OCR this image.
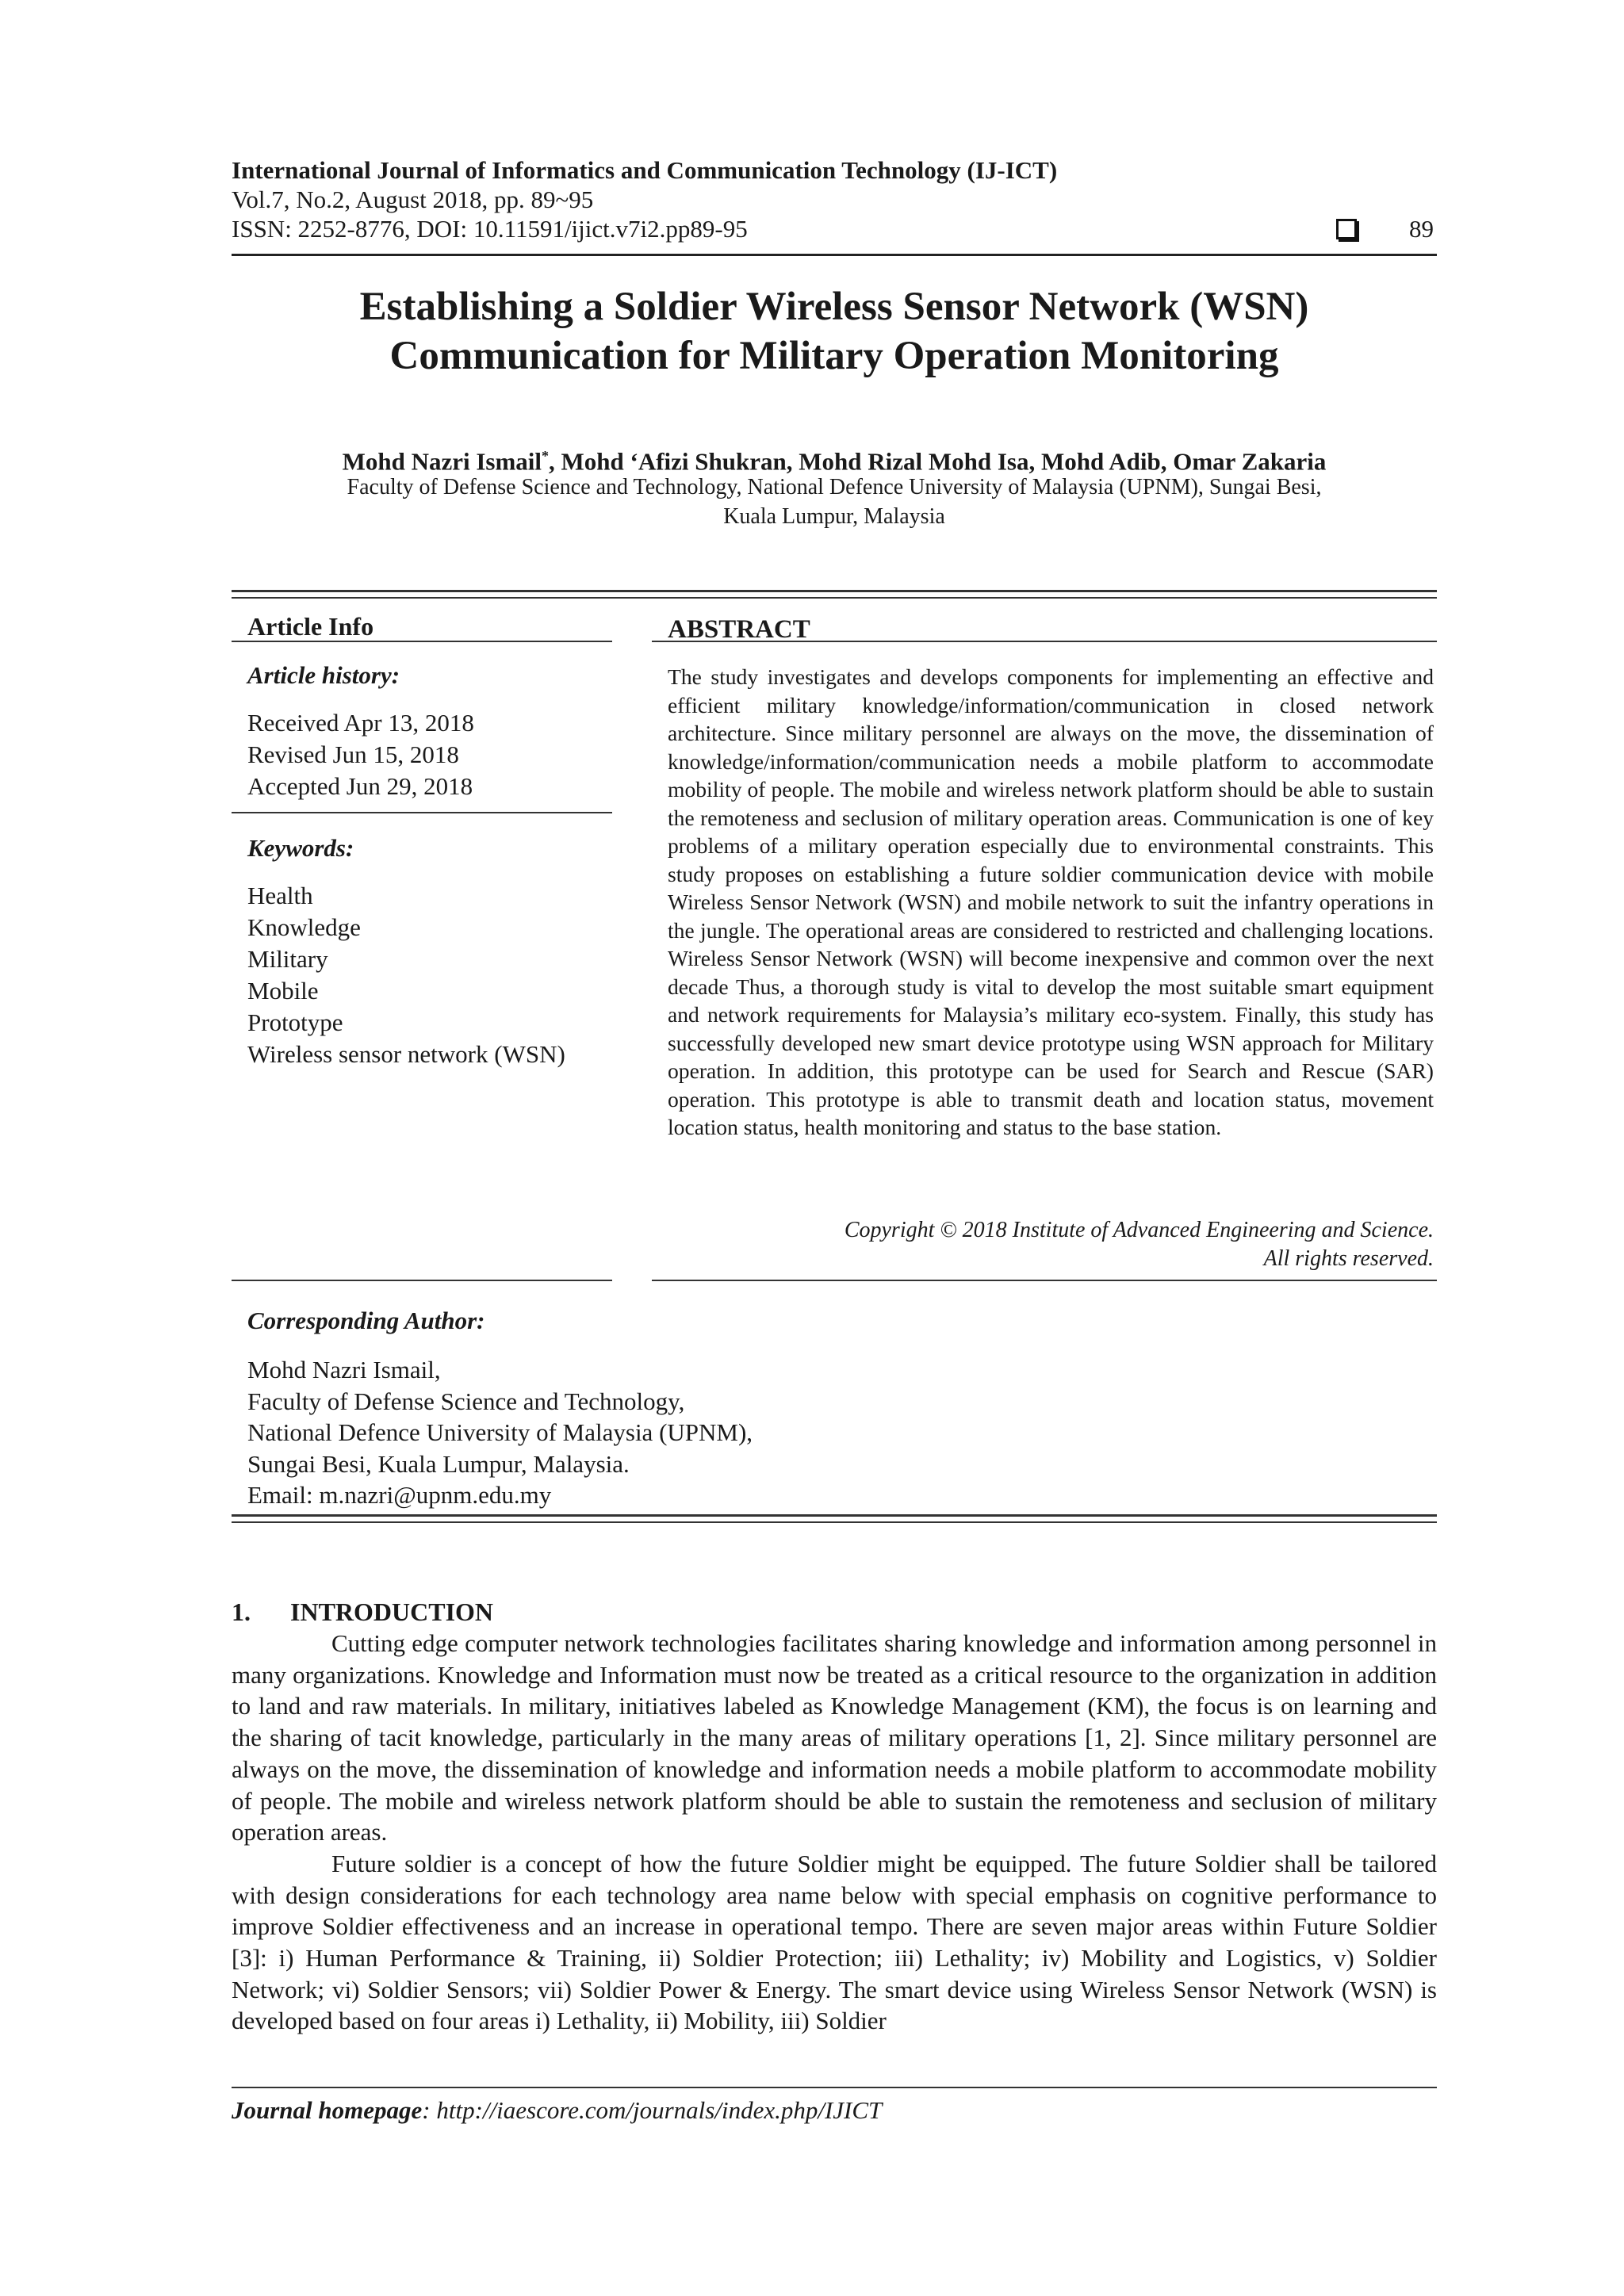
International Journal of Informatics and Communication Technology (IJ-ICT)
Vol.7, No.2, August 2018, pp. 89~95
ISSN: 2252-8776, DOI: 10.11591/ijict.v7i2.pp89-95	89
Establishing a Soldier Wireless Sensor Network (WSN)
Communication for Military Operation Monitoring
Mohd Nazri Ismail*, Mohd ‘Afizi Shukran, Mohd Rizal Mohd Isa, Mohd Adib, Omar Zakaria
Faculty of Defense Science and Technology, National Defence University of Malaysia (UPNM), Sungai Besi,
Kuala Lumpur, Malaysia
Article Info
Article history:
Received Apr 13, 2018
Revised Jun 15, 2018
Accepted Jun 29, 2018
Keywords:
Health
Knowledge
Military
Mobile
Prototype
Wireless sensor network (WSN)
ABSTRACT
The study investigates and develops components for implementing an effective and efficient military knowledge/information/communication in closed network architecture. Since military personnel are always on the move, the dissemination of knowledge/information/communication needs a mobile platform to accommodate mobility of people. The mobile and wireless network platform should be able to sustain the remoteness and seclusion of military operation areas. Communication is one of key problems of a military operation especially due to environmental constraints. This study proposes on establishing a future soldier communication device with mobile Wireless Sensor Network (WSN) and mobile network to suit the infantry operations in the jungle. The operational areas are considered to restricted and challenging locations. Wireless Sensor Network (WSN) will become inexpensive and common over the next decade Thus, a thorough study is vital to develop the most suitable smart equipment and network requirements for Malaysia’s military eco-system. Finally, this study has successfully developed new smart device prototype using WSN approach for Military operation. In addition, this prototype can be used for Search and Rescue (SAR) operation. This prototype is able to transmit death and location status, movement location status, health monitoring and status to the base station.
Copyright © 2018 Institute of Advanced Engineering and Science.
All rights reserved.
Corresponding Author:
Mohd Nazri Ismail,
Faculty of Defense Science and Technology,
National Defence University of Malaysia (UPNM),
Sungai Besi, Kuala Lumpur, Malaysia.
Email: m.nazri@upnm.edu.my
1. INTRODUCTION

Cutting edge computer network technologies facilitates sharing knowledge and information among personnel in many organizations. Knowledge and Information must now be treated as a critical resource to the organization in addition to land and raw materials. In military, initiatives labeled as Knowledge Management (KM), the focus is on learning and the sharing of tacit knowledge, particularly in the many areas of military operations [1, 2]. Since military personnel are always on the move, the dissemination of knowledge and information needs a mobile platform to accommodate mobility of people. The mobile and wireless network platform should be able to sustain the remoteness and seclusion of military operation areas.

Future soldier is a concept of how the future Soldier might be equipped. The future Soldier shall be tailored with design considerations for each technology area name below with special emphasis on cognitive performance to improve Soldier effectiveness and an increase in operational tempo. There are seven major areas within Future Soldier [3]: i) Human Performance & Training, ii) Soldier Protection; iii) Lethality; iv) Mobility and Logistics, v) Soldier Network; vi) Soldier Sensors; vii) Soldier Power & Energy. The smart device using Wireless Sensor Network (WSN) is developed based on four areas i) Lethality, ii) Mobility, iii) Soldier

Journal homepage: http://iaescore.com/journals/index.php/IJICT
